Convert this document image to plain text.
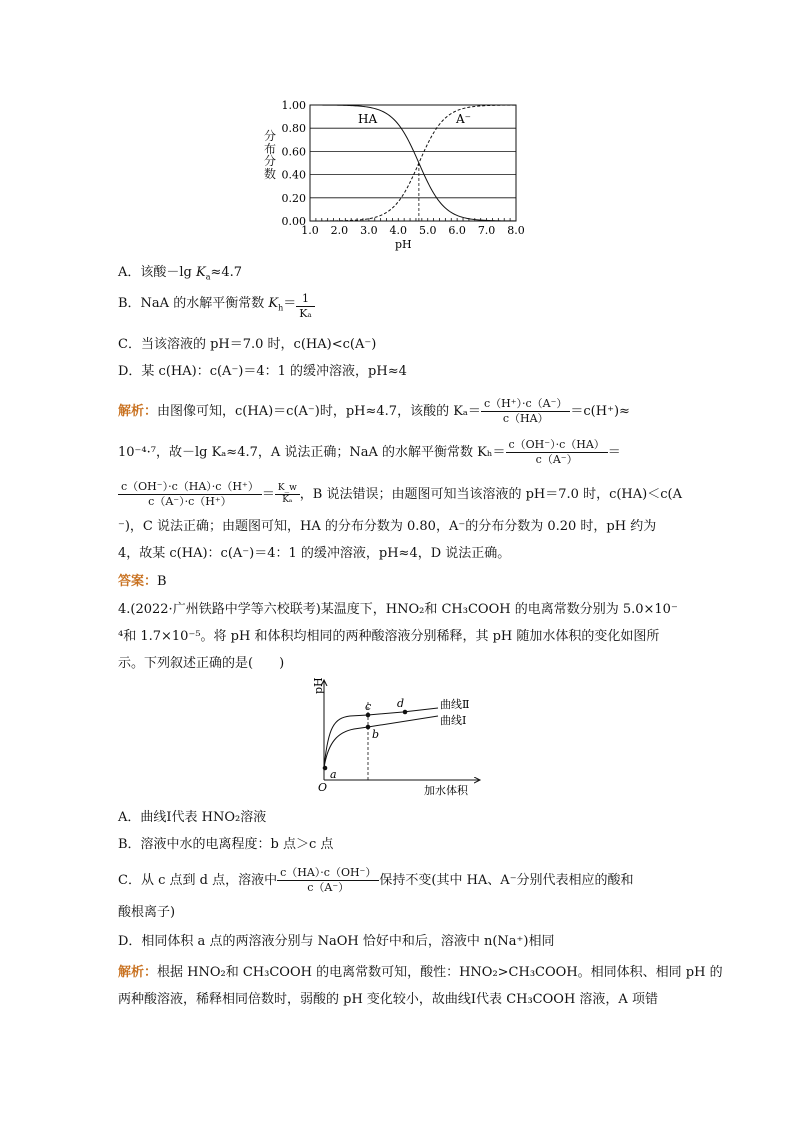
0.00
0.20
0.40
0.60
0.80
1.00
1.0 2.0 3.0 4.0 5.0 6.0 7.0 8.0
HA	A⁻
pH
分布分数
A．该酸－lg $K_a\approx 4.7$
B．NaA 的水解平衡常数 $K_h= \frac{1}{\text{Kₐ}}$
C．当该溶液的 pH＝7.0 时，c(HA)<c(A⁻)
D．某 c(HA)：c(A⁻)＝4：1 的缓冲溶液，pH≈4
解析：由图像可知，c(HA)＝c(A⁻)时，pH≈4.7，该酸的 $K_a= \frac{c(H^+)\cdot c(A^-)}{c(HA)} =c(H^+)\approx$
10⁻⁴·⁷，故－lg Kₐ≈4.7，A 说法正确；NaA 的水解平衡常数 $K_h= \frac{c(OH^-)\cdot c(HA)}{c(A^-)}$ ＝
$\frac{c(OH^-)\cdot c(HA)\cdot c(H^+)}{c(A^-)\cdot c(H^+)} = \frac{K\_w}{\text{Kₐ}}$ ，B 说法错误；由题图可知当该溶液的 pH＝7.0 时，c(HA)＜c(A
⁻)，C 说法正确；由题图可知，HA 的分布分数为 0.80，A⁻的分布分数为 0.20 时，pH 约为
4，故某 c(HA)：c(A⁻)＝4：1 的缓冲溶液，pH≈4，D 说法正确。
答案：B
4.(2022·广州铁路中学等六校联考)某温度下，HNO₂和 CH₃COOH 的电离常数分别为 5.0×10⁻
⁴和 1.7×10⁻⁵。将 pH 和体积均相同的两种酸溶液分别稀释，其 pH 随加水体积的变化如图所
示。下列叙述正确的是(　　)
pH
O	加水体积
a
b
c d	曲线Ⅱ
曲线Ⅰ
A．曲线Ⅰ代表 HNO₂溶液
B．溶液中水的电离程度：b 点＞c 点
C．从 c 点到 d 点，溶液中 $\frac{c(HA)\cdot c(OH^-)}{c(A^-)}$ 保持不变(其中 HA、A⁻分别代表相应的酸和
酸根离子)
D．相同体积 a 点的两溶液分别与 NaOH 恰好中和后，溶液中 n(Na⁺)相同
解析：根据 HNO₂和 CH₃COOH 的电离常数可知，酸性：HNO₂>CH₃COOH。相同体积、相同 pH 的
两种酸溶液，稀释相同倍数时，弱酸的 pH 变化较小，故曲线Ⅰ代表 CH₃COOH 溶液，A 项错
